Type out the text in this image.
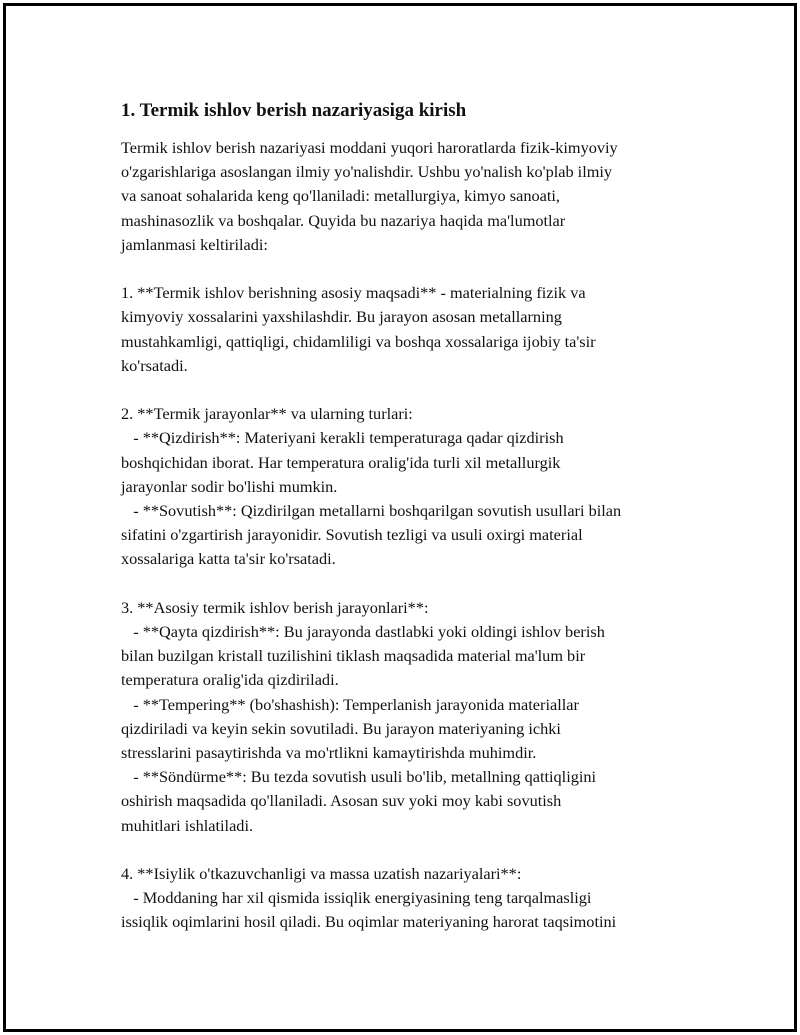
1. Termik ishlov berish nazariyasiga kirish
Termik ishlov berish nazariyasi moddani yuqori haroratlarda fizik-kimyoviy
o'zgarishlariga asoslangan ilmiy yo'nalishdir. Ushbu yo'nalish ko'plab ilmiy
va sanoat sohalarida keng qo'llaniladi: metallurgiya, kimyo sanoati,
mashinasozlik va boshqalar. Quyida bu nazariya haqida ma'lumotlar
jamlanmasi keltiriladi:
1. **Termik ishlov berishning asosiy maqsadi** - materialning fizik va
kimyoviy xossalarini yaxshilashdir. Bu jarayon asosan metallarning
mustahkamligi, qattiqligi, chidamliligi va boshqa xossalariga ijobiy ta'sir
ko'rsatadi.
2. **Termik jarayonlar** va ularning turlari:
- **Qizdirish**: Materiyani kerakli temperaturaga qadar qizdirish
boshqichidan iborat. Har temperatura oralig'ida turli xil metallurgik
jarayonlar sodir bo'lishi mumkin.
- **Sovutish**: Qizdirilgan metallarni boshqarilgan sovutish usullari bilan
sifatini o'zgartirish jarayonidir. Sovutish tezligi va usuli oxirgi material
xossalariga katta ta'sir ko'rsatadi.
3. **Asosiy termik ishlov berish jarayonlari**:
- **Qayta qizdirish**: Bu jarayonda dastlabki yoki oldingi ishlov berish
bilan buzilgan kristall tuzilishini tiklash maqsadida material ma'lum bir
temperatura oralig'ida qizdiriladi.
- **Tempering** (bo'shashish): Temperlanish jarayonida materiallar
qizdiriladi va keyin sekin sovutiladi. Bu jarayon materiyaning ichki
stresslarini pasaytirishda va mo'rtlikni kamaytirishda muhimdir.
- **Söndürme**: Bu tezda sovutish usuli bo'lib, metallning qattiqligini
oshirish maqsadida qo'llaniladi. Asosan suv yoki moy kabi sovutish
muhitlari ishlatiladi.
4. **Isiylik o'tkazuvchanligi va massa uzatish nazariyalari**:
- Moddaning har xil qismida issiqlik energiyasining teng tarqalmasligi
issiqlik oqimlarini hosil qiladi. Bu oqimlar materiyaning harorat taqsimotini
